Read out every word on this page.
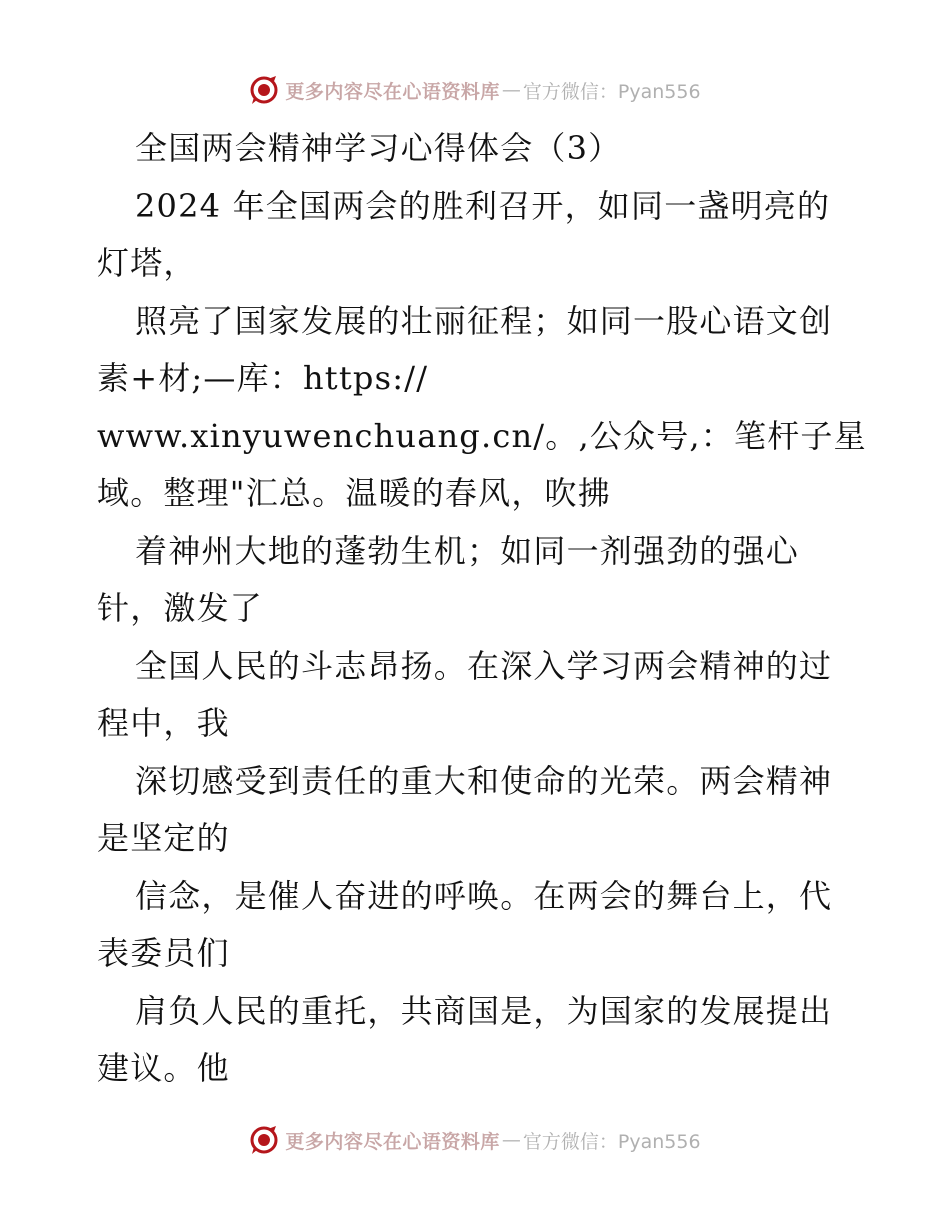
更多内容尽在心语资料库 — 官方微信：Pyan556
全国两会精神学习心得体会（3）
2024 年全国两会的胜利召开，如同一盏明亮的
灯塔，
照亮了国家发展的壮丽征程；如同一股心语文创
素+材;—库：https://
www.xinyuwenchuang.cn/。,公众号,：笔杆子星
域。整理"汇总。温暖的春风，吹拂
着神州大地的蓬勃生机；如同一剂强劲的强心
针，激发了
全国人民的斗志昂扬。在深入学习两会精神的过
程中，我
深切感受到责任的重大和使命的光荣。两会精神
是坚定的
信念，是催人奋进的呼唤。在两会的舞台上，代
表委员们
肩负人民的重托，共商国是，为国家的发展提出
建议。他
更多内容尽在心语资料库 — 官方微信：Pyan556
